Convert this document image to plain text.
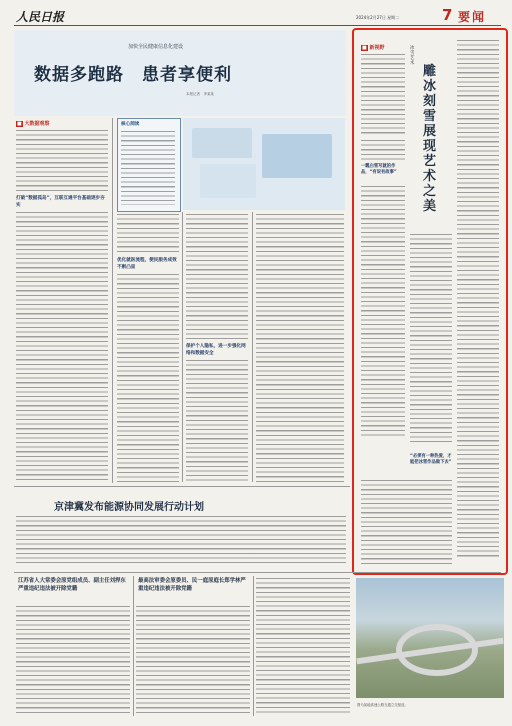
人民日报	2024年2月27日 星期二	7 要闻
加快全民健康信息化建设
数据多跑路　患者享便利
本报记者　李某某
■ 大数据观察
打破“数据孤岛”，互联互通平台基础逐步夯实
核心阅读
优化就医流程，便民服务成效不断凸显
保护个人隐私，进一步强化网络和数据安全
■ 新视野	冰雪艺术
雕冰刻雪展现艺术之美
一瓢白雪写就的作品，“有说有故事”
“必须有一种热爱，才能把冰雪作品做下去”
京津冀发布能源协同发展行动计划
江苏省人大常委会原党组成员、副主任刘捍东严重违纪违法被开除党籍
最高法审委会原委员、民一庭原庭长郑学林严重违纪违法被开除党籍
图为某地高速公路互通立交枢纽。
